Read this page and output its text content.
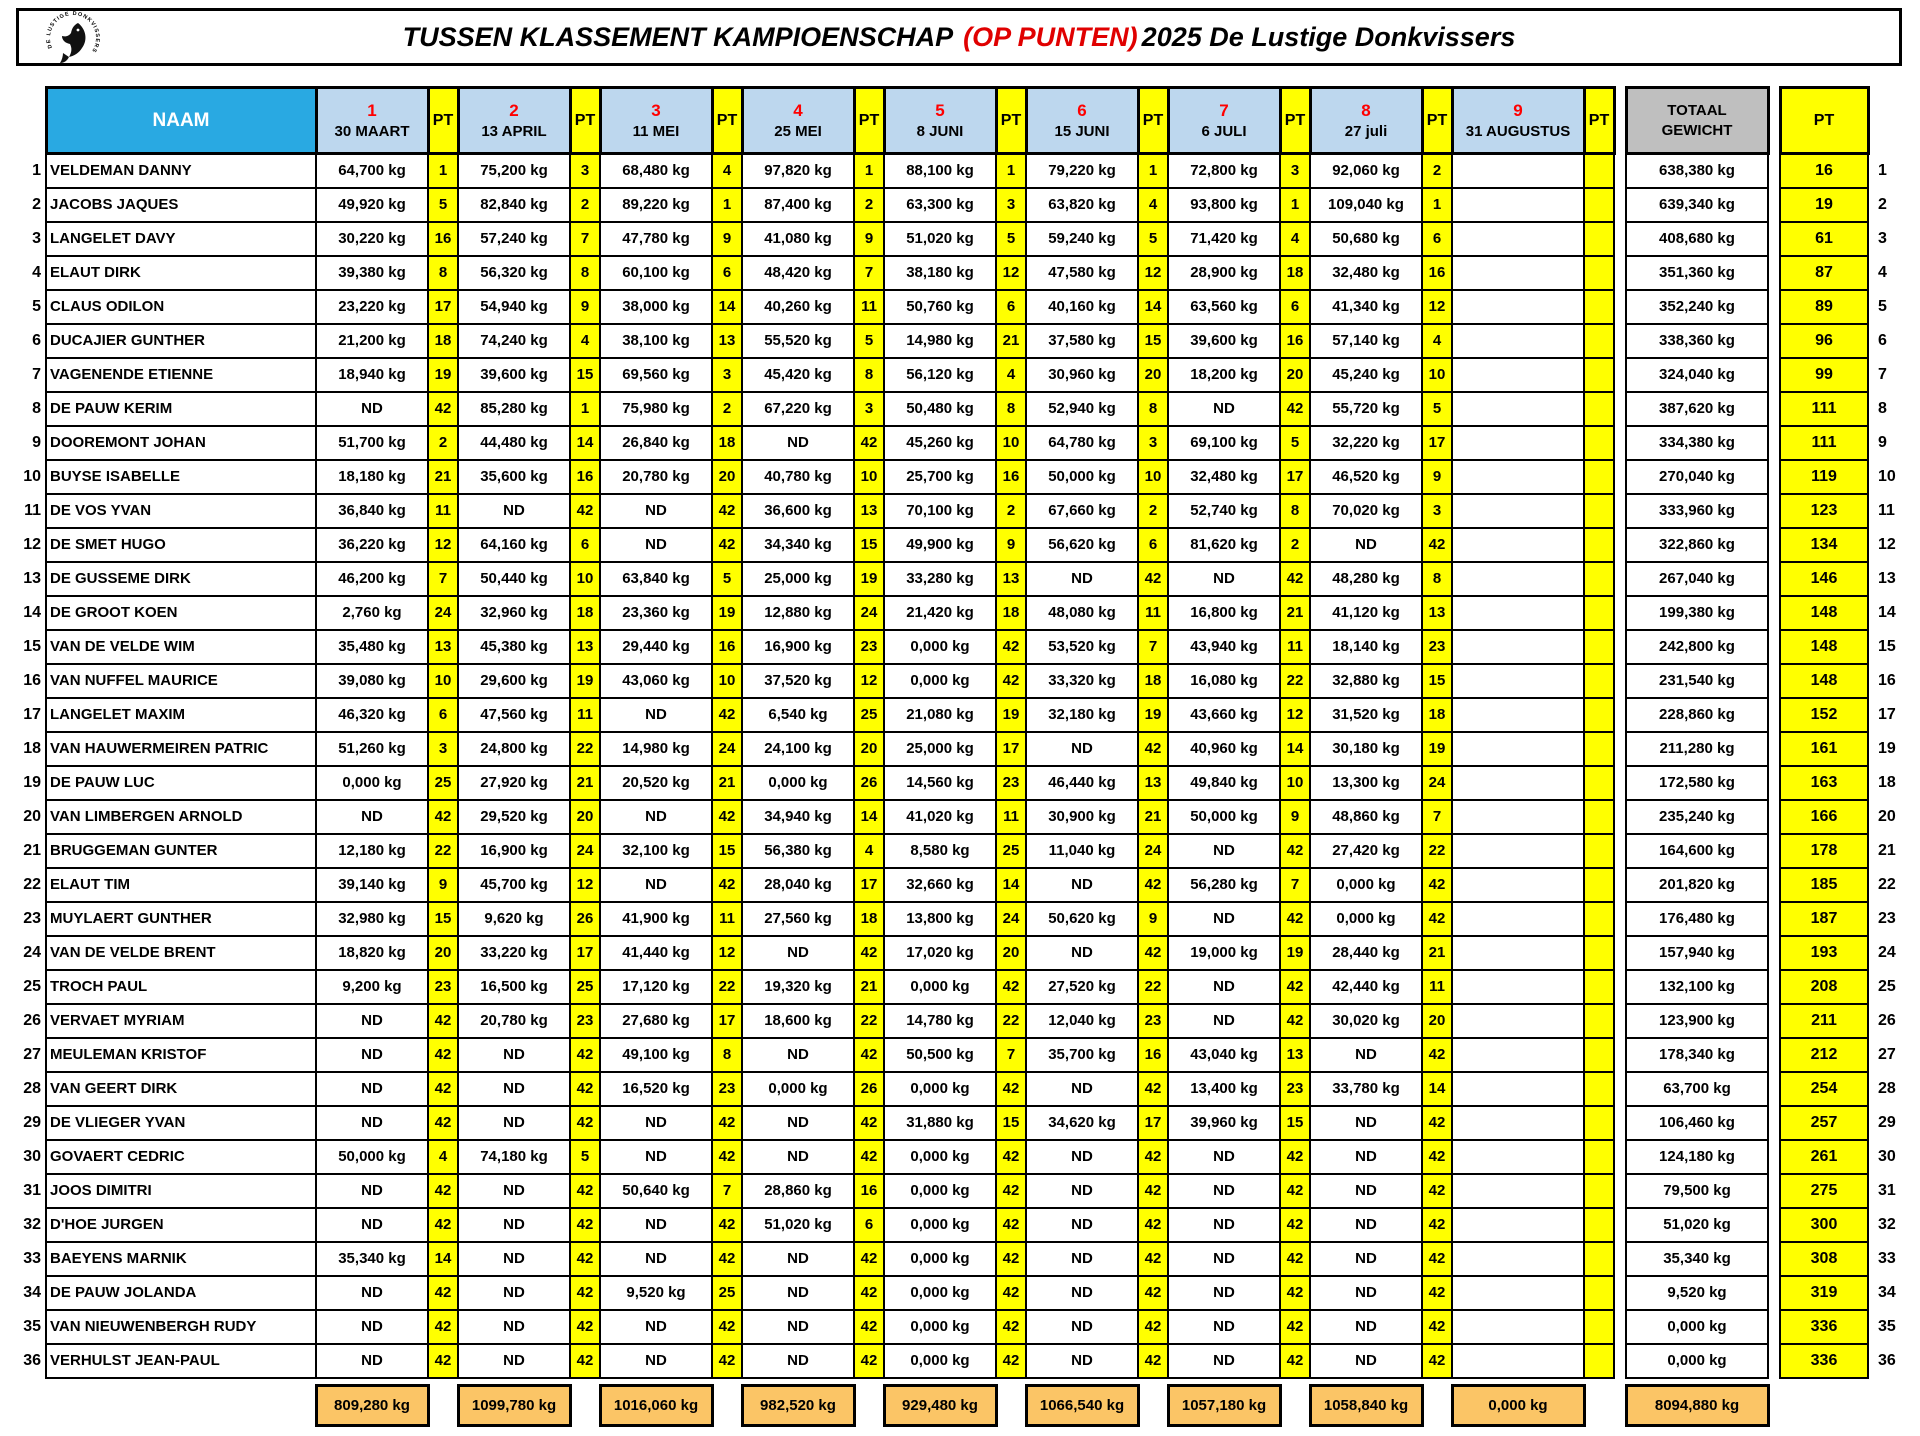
DE LUSTIGE DONKVISSERS	TUSSEN KLASSEMENT KAMPIOENSCHAP (OP PUNTEN) 2025 De Lustige Donkvissers
	NAAM	1
30 MAART
	PT	2
13 APRIL
	PT	3
11 MEI
	PT	4
25 MEI
	PT	5
8 JUNI
	PT	6
15 JUNI
	PT	7
6 JULI
	PT	8
27 juli
	PT	9
31 AUGUSTUS
	PT		
TOTAAL
GEWICHT
		PT	
1	VELDEMAN DANNY	64,700 kg	1	75,200 kg	3	68,480 kg	4	97,820 kg	1	88,100 kg	1	79,220 kg	1	72,800 kg	3	92,060 kg	2				638,380 kg		16	1
2	JACOBS JAQUES	49,920 kg	5	82,840 kg	2	89,220 kg	1	87,400 kg	2	63,300 kg	3	63,820 kg	4	93,800 kg	1	109,040 kg	1				639,340 kg		19	2
3	LANGELET DAVY	30,220 kg	16	57,240 kg	7	47,780 kg	9	41,080 kg	9	51,020 kg	5	59,240 kg	5	71,420 kg	4	50,680 kg	6				408,680 kg		61	3
4	ELAUT DIRK	39,380 kg	8	56,320 kg	8	60,100 kg	6	48,420 kg	7	38,180 kg	12	47,580 kg	12	28,900 kg	18	32,480 kg	16				351,360 kg		87	4
5	CLAUS ODILON	23,220 kg	17	54,940 kg	9	38,000 kg	14	40,260 kg	11	50,760 kg	6	40,160 kg	14	63,560 kg	6	41,340 kg	12				352,240 kg		89	5
6	DUCAJIER GUNTHER	21,200 kg	18	74,240 kg	4	38,100 kg	13	55,520 kg	5	14,980 kg	21	37,580 kg	15	39,600 kg	16	57,140 kg	4				338,360 kg		96	6
7	VAGENENDE ETIENNE	18,940 kg	19	39,600 kg	15	69,560 kg	3	45,420 kg	8	56,120 kg	4	30,960 kg	20	18,200 kg	20	45,240 kg	10				324,040 kg		99	7
8	DE PAUW KERIM	ND	42	85,280 kg	1	75,980 kg	2	67,220 kg	3	50,480 kg	8	52,940 kg	8	ND	42	55,720 kg	5				387,620 kg		111	8
9	DOOREMONT JOHAN	51,700 kg	2	44,480 kg	14	26,840 kg	18	ND	42	45,260 kg	10	64,780 kg	3	69,100 kg	5	32,220 kg	17				334,380 kg		111	9
10	BUYSE ISABELLE	18,180 kg	21	35,600 kg	16	20,780 kg	20	40,780 kg	10	25,700 kg	16	50,000 kg	10	32,480 kg	17	46,520 kg	9				270,040 kg		119	10
11	DE VOS YVAN	36,840 kg	11	ND	42	ND	42	36,600 kg	13	70,100 kg	2	67,660 kg	2	52,740 kg	8	70,020 kg	3				333,960 kg		123	11
12	DE SMET HUGO	36,220 kg	12	64,160 kg	6	ND	42	34,340 kg	15	49,900 kg	9	56,620 kg	6	81,620 kg	2	ND	42				322,860 kg		134	12
13	DE GUSSEME DIRK	46,200 kg	7	50,440 kg	10	63,840 kg	5	25,000 kg	19	33,280 kg	13	ND	42	ND	42	48,280 kg	8				267,040 kg		146	13
14	DE GROOT KOEN	2,760 kg	24	32,960 kg	18	23,360 kg	19	12,880 kg	24	21,420 kg	18	48,080 kg	11	16,800 kg	21	41,120 kg	13				199,380 kg		148	14
15	VAN DE VELDE WIM	35,480 kg	13	45,380 kg	13	29,440 kg	16	16,900 kg	23	0,000 kg	42	53,520 kg	7	43,940 kg	11	18,140 kg	23				242,800 kg		148	15
16	VAN NUFFEL MAURICE	39,080 kg	10	29,600 kg	19	43,060 kg	10	37,520 kg	12	0,000 kg	42	33,320 kg	18	16,080 kg	22	32,880 kg	15				231,540 kg		148	16
17	LANGELET MAXIM	46,320 kg	6	47,560 kg	11	ND	42	6,540 kg	25	21,080 kg	19	32,180 kg	19	43,660 kg	12	31,520 kg	18				228,860 kg		152	17
18	VAN HAUWERMEIREN PATRIC	51,260 kg	3	24,800 kg	22	14,980 kg	24	24,100 kg	20	25,000 kg	17	ND	42	40,960 kg	14	30,180 kg	19				211,280 kg		161	19
19	DE PAUW LUC	0,000 kg	25	27,920 kg	21	20,520 kg	21	0,000 kg	26	14,560 kg	23	46,440 kg	13	49,840 kg	10	13,300 kg	24				172,580 kg		163	18
20	VAN LIMBERGEN ARNOLD	ND	42	29,520 kg	20	ND	42	34,940 kg	14	41,020 kg	11	30,900 kg	21	50,000 kg	9	48,860 kg	7				235,240 kg		166	20
21	BRUGGEMAN GUNTER	12,180 kg	22	16,900 kg	24	32,100 kg	15	56,380 kg	4	8,580 kg	25	11,040 kg	24	ND	42	27,420 kg	22				164,600 kg		178	21
22	ELAUT TIM	39,140 kg	9	45,700 kg	12	ND	42	28,040 kg	17	32,660 kg	14	ND	42	56,280 kg	7	0,000 kg	42				201,820 kg		185	22
23	MUYLAERT GUNTHER	32,980 kg	15	9,620 kg	26	41,900 kg	11	27,560 kg	18	13,800 kg	24	50,620 kg	9	ND	42	0,000 kg	42				176,480 kg		187	23
24	VAN DE VELDE BRENT	18,820 kg	20	33,220 kg	17	41,440 kg	12	ND	42	17,020 kg	20	ND	42	19,000 kg	19	28,440 kg	21				157,940 kg		193	24
25	TROCH PAUL	9,200 kg	23	16,500 kg	25	17,120 kg	22	19,320 kg	21	0,000 kg	42	27,520 kg	22	ND	42	42,440 kg	11				132,100 kg		208	25
26	VERVAET MYRIAM	ND	42	20,780 kg	23	27,680 kg	17	18,600 kg	22	14,780 kg	22	12,040 kg	23	ND	42	30,020 kg	20				123,900 kg		211	26
27	MEULEMAN KRISTOF	ND	42	ND	42	49,100 kg	8	ND	42	50,500 kg	7	35,700 kg	16	43,040 kg	13	ND	42				178,340 kg		212	27
28	VAN GEERT DIRK	ND	42	ND	42	16,520 kg	23	0,000 kg	26	0,000 kg	42	ND	42	13,400 kg	23	33,780 kg	14				63,700 kg		254	28
29	DE VLIEGER YVAN	ND	42	ND	42	ND	42	ND	42	31,880 kg	15	34,620 kg	17	39,960 kg	15	ND	42				106,460 kg		257	29
30	GOVAERT CEDRIC	50,000 kg	4	74,180 kg	5	ND	42	ND	42	0,000 kg	42	ND	42	ND	42	ND	42				124,180 kg		261	30
31	JOOS DIMITRI	ND	42	ND	42	50,640 kg	7	28,860 kg	16	0,000 kg	42	ND	42	ND	42	ND	42				79,500 kg		275	31
32	D'HOE JURGEN	ND	42	ND	42	ND	42	51,020 kg	6	0,000 kg	42	ND	42	ND	42	ND	42				51,020 kg		300	32
33	BAEYENS MARNIK	35,340 kg	14	ND	42	ND	42	ND	42	0,000 kg	42	ND	42	ND	42	ND	42				35,340 kg		308	33
34	DE PAUW JOLANDA	ND	42	ND	42	9,520 kg	25	ND	42	0,000 kg	42	ND	42	ND	42	ND	42				9,520 kg		319	34
35	VAN NIEUWENBERGH RUDY	ND	42	ND	42	ND	42	ND	42	0,000 kg	42	ND	42	ND	42	ND	42				0,000 kg		336	35
36	VERHULST JEAN-PAUL	ND	42	ND	42	ND	42	ND	42	0,000 kg	42	ND	42	ND	42	ND	42				0,000 kg		336	36

		809,280 kg		1099,780 kg		1016,060 kg		982,520 kg		929,480 kg		1066,540 kg		1057,180 kg		1058,840 kg		0,000 kg			8094,880 kg			
